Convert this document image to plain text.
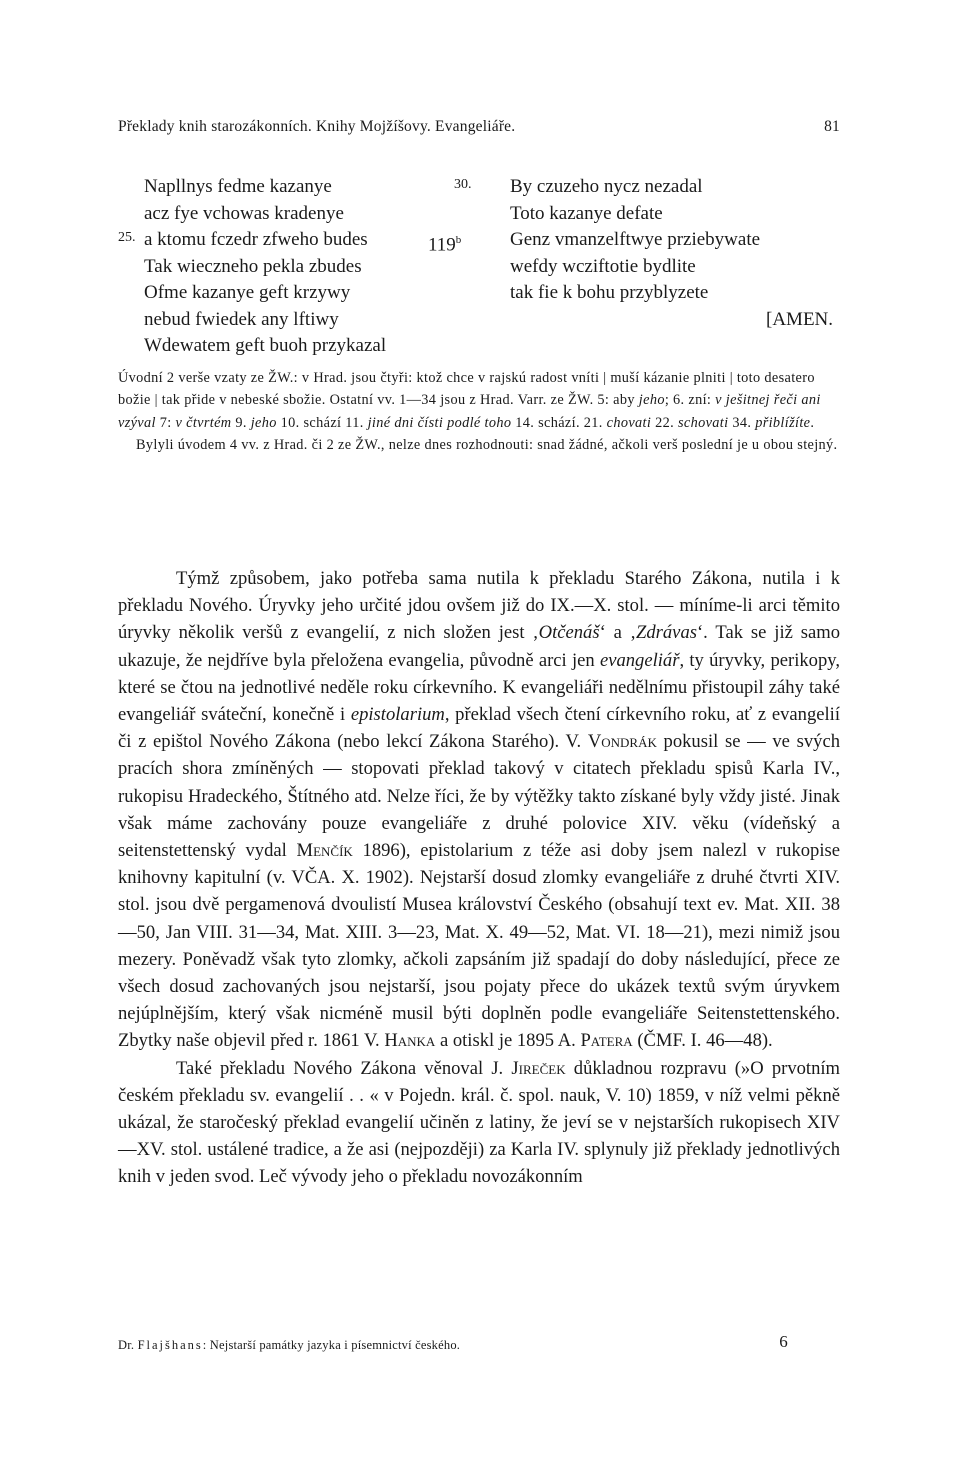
Překlady knih starozákonních. Knihy Mojžíšovy. Evangeliáře.	81
Napllnys fedme kazanye
acz fye vchowas kradenye
25. a ktomu fczedr zfweho budes
Tak wieczneho pekla zbudes
Ofme kazanye geft krzywy
nebud fwiedek any lftiwy
Wdewatem geft buoh przykazal
30. By czuzeho nycz nezadal
Toto kazanye defate
Genz vmanzelftwye prziebywate
119$^b$
wefdy wcziftotie bydlite
tak fie k bohu przyblyzete
[AMEN.

Úvodní 2 verše vzaty ze ŽW.: v Hrad. jsou čtyři: ktož chce v rajskú radost vníti | muší kázanie plniti | toto desatero božie | tak přide v nebeské sbožie. Ostatní vv. 1—34 jsou z Hrad. Varr. ze ŽW. 5: aby jeho; 6. zní: v ješitnej řeči ani vzýval 7: v čtvrtém 9. jeho 10. schází 11. jiné dni čísti podlé toho 14. schází. 21. chovati 22. schovati 34. přiblížíte.

Bylyli úvodem 4 vv. z Hrad. či 2 ze ŽW., nelze dnes rozhodnouti: snad žádné, ačkoli verš poslední je u obou stejný.

Týmž způsobem, jako potřeba sama nutila k překladu Starého Zákona, nutila i k překladu Nového. Úryvky jeho určité jdou ovšem již do IX.—X. stol. — míníme-li arci těmito úryvky několik veršů z evangelií, z nich složen jest ‚Otčenáš‘ a ‚Zdrávas‘. Tak se již samo ukazuje, že nejdříve byla přeložena evangelia, původně arci jen evangeliář, ty úryvky, perikopy, které se čtou na jednotlivé neděle roku církevního. K evangeliáři nedělnímu přistoupil záhy také evangeliář sváteční, konečně i epistolarium, překlad všech čtení církevního roku, ať z evangelií či z epištol Nového Zákona (nebo lekcí Zákona Starého). V. Vondrák pokusil se — ve svých pracích shora zmíněných — stopovati překlad takový v citatech překladu spisů Karla IV., rukopisu Hradeckého, Štítného atd. Nelze říci, že by výtěžky takto získané byly vždy jisté. Jinak však máme zachovány pouze evangeliáře z druhé polovice XIV. věku (vídeňský a seitenstettenský vydal Menčík 1896), epistolarium z téže asi doby jsem nalezl v rukopise knihovny kapitulní (v. VČA. X. 1902). Nejstarší dosud zlomky evangeliáře z druhé čtvrti XIV. stol. jsou dvě pergamenová dvoulistí Musea království Českého (obsahují text ev. Mat. XII. 38—50, Jan VIII. 31—34, Mat. XIII. 3—23, Mat. X. 49—52, Mat. VI. 18—21), mezi nimiž jsou mezery. Poněvadž však tyto zlomky, ačkoli zapsáním již spadají do doby následující, přece ze všech dosud zachovaných jsou nejstarší, jsou pojaty přece do ukázek textů svým úryvkem nejúplnějším, který však nicméně musil býti doplněn podle evangeliáře Seitenstettenského. Zbytky naše objevil před r. 1861 V. Hanka a otiskl je 1895 A. Patera (ČMF. I. 46—48).

Také překladu Nového Zákona věnoval J. Jireček důkladnou rozpravu (»O prvotním českém překladu sv. evangelií . . « v Pojedn. král. č. spol. nauk, V. 10) 1859, v níž velmi pěkně ukázal, že staročeský překlad evangelií učiněn z latiny, že jeví se v nejstarších rukopisech XIV—XV. stol. ustálené tradice, a že asi (nejpozději) za Karla IV. splynuly již překlady jednotlivých knih v jeden svod. Leč vývody jeho o překladu novozákonním

Dr. Flajšhans: Nejstarší památky jazyka i písemnictví českého.	6
